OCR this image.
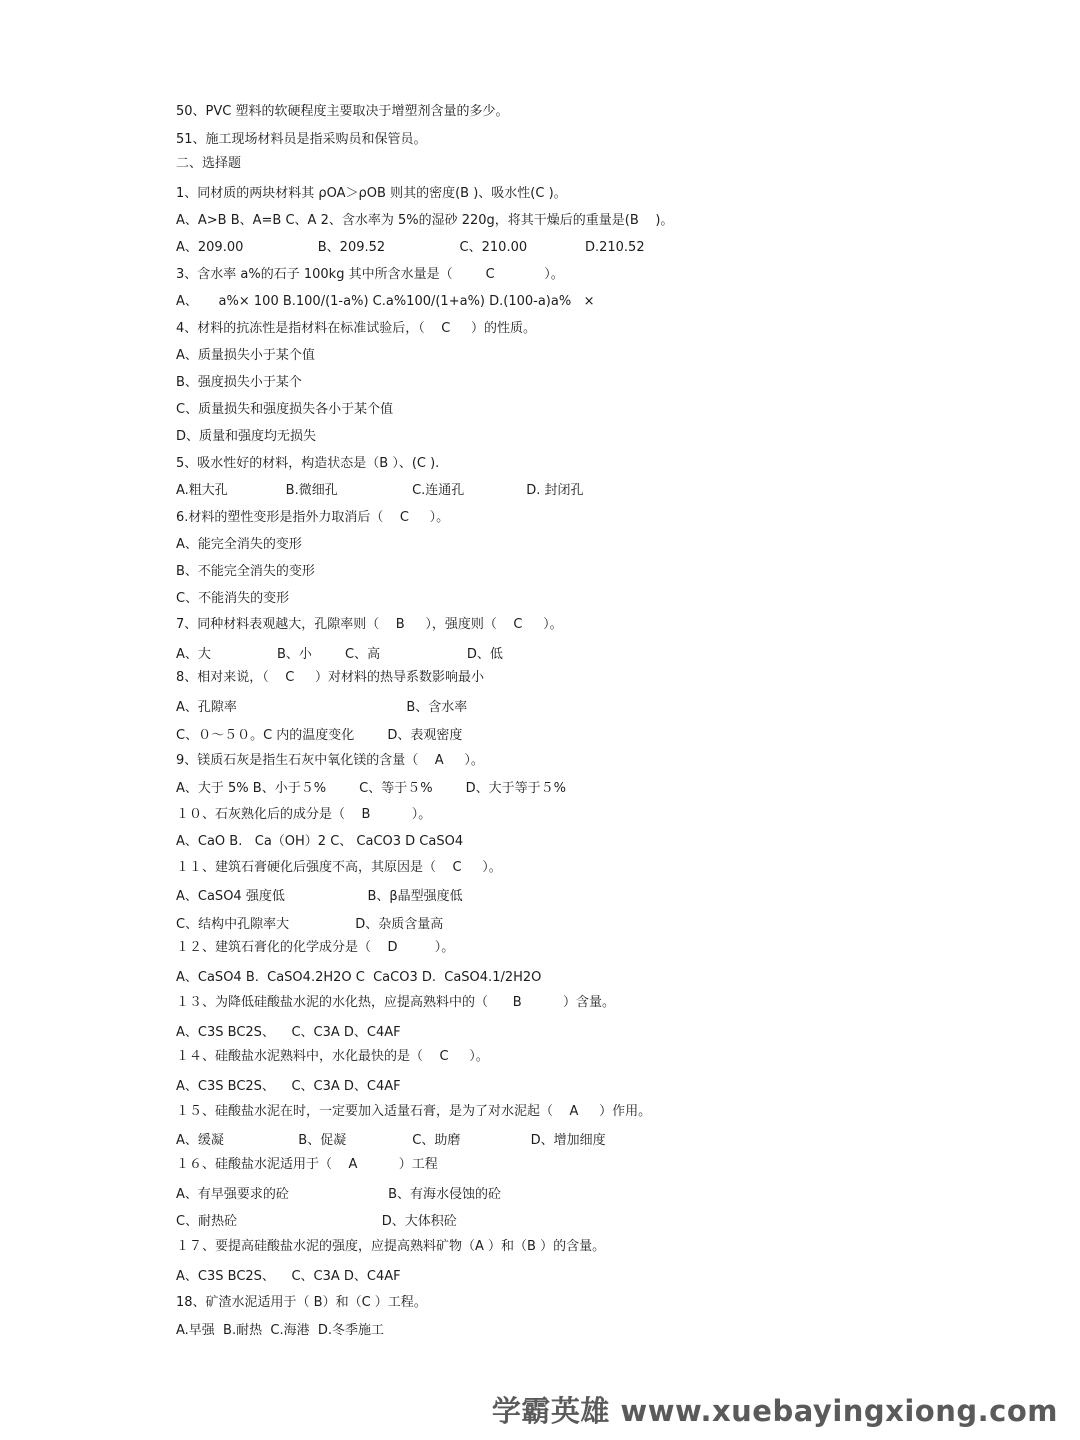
50、PVC 塑料的软硬程度主要取决于增塑剂含量的多少。
51、施工现场材料员是指采购员和保管员。
二、选择题
1、同材质的两块材料其 ρOA＞ρOB 则其的密度(B )、吸水性(C )。
A、A>B B、A=B C、A 2、含水率为 5%的湿砂 220g，将其干燥后的重量是(B    )。
A、209.00                  B、209.52                  C、210.00              D.210.52
3、含水率 a%的石子 100kg 其中所含水量是（        C            ）。
A、     a%× 100 B.100/(1-a%) C.a%100/(1+a%) D.(100-a)a%   ×
4、材料的抗冻性是指材料在标准试验后，（    C     ）的性质。
A、质量损失小于某个值
B、强度损失小于某个
C、质量损失和强度损失各小于某个值
D、质量和强度均无损失
5、吸水性好的材料，构造状态是（B ）、(C ).
A.粗大孔              B.微细孔                  C.连通孔               D. 封闭孔
6.材料的塑性变形是指外力取消后（    C     ）。
A、能完全消失的变形
B、不能完全消失的变形
C、不能消失的变形
7、同种材料表观越大，孔隙率则（    B     ），强度则（    C     ）。
A、大                B、小        C、高                     D、低
8、相对来说，（    C     ）对材料的热导系数影响最小
A、孔隙率                                         B、含水率
C、０～５０。C 内的温度变化        D、表观密度
9、镁质石灰是指生石灰中氧化镁的含量（    A     ）。
A、大于 5% B、小于５%        C、等于５%        D、大于等于５%
１０、石灰熟化后的成分是（    B          ）。
A、CaO B.   Ca（OH）2 C、 CaCO3 D CaSO4
１１、建筑石膏硬化后强度不高，其原因是（    C     ）。
A、CaSO4 强度低                    B、β晶型强度低
C、结构中孔隙率大                D、杂质含量高
１２、建筑石膏化的化学成分是（    D         ）。
A、CaSO4 B.  CaSO4.2H2O C  CaCO3 D.  CaSO4.1/2H2O
１３、为降低硅酸盐水泥的水化热，应提高熟料中的（      B          ）含量。
A、C3S BC2S、    C、C3A D、C4AF
１４、硅酸盐水泥熟料中，水化最快的是（    C     ）。
A、C3S BC2S、    C、C3A D、C4AF
１５、硅酸盐水泥在时，一定要加入适量石膏，是为了对水泥起（    A     ）作用。
A、缓凝                  B、促凝                C、助磨                 D、增加细度
１６、硅酸盐水泥适用于（    A          ）工程
A、有早强要求的砼                        B、有海水侵蚀的砼
C、耐热砼                                   D、大体积砼
１７、要提高硅酸盐水泥的强度，应提高熟料矿物（A ）和（B ）的含量。
A、C3S BC2S、    C、C3A D、C4AF
18、矿渣水泥适用于（ B）和（C ）工程。
A.早强  B.耐热  C.海港  D.冬季施工
学霸英雄 www.xuebayingxiong.com
